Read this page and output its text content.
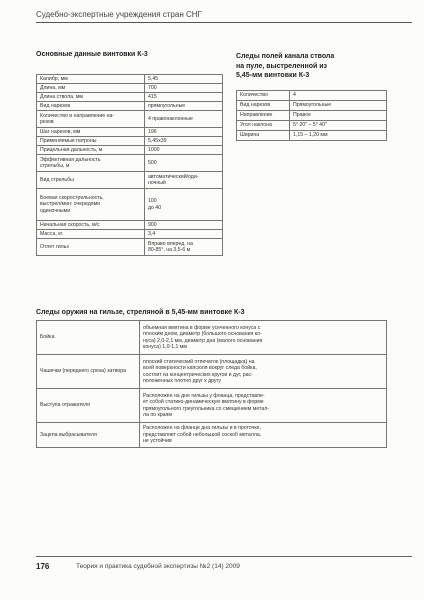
Судебно-экспертные учреждения стран СНГ
Основные данные винтовки К-3
Калибр, мм	5,45
Длина, мм	700
Длина ствола, мм	415
Вид нарезов	прямоугольные
Количество и направление на-
резов	4 правонаклонные
Шаг нарезов, мм	196
Применяемые патроны	5,45х39
Прицельная дальность, м	1000
Эффективная дальность
стрельбы, м	500
Вид стрельбы	автоматический/оди-
ночный
Боевая скорострельность,
выстрел/мин: очередями
одиночными	100
до 40
Начальная скорость, м/с	900
Масса, кг.	3,4
Отлет гильз	Вправо вперед, на
80-85°, на 3,5-6 м
Следы полей канала ствола
на пуле, выстреленной из
5,45-мм винтовки К-3
Количество	4
Вид нарезов	Прямоугольные
Направление	Правое
Угол наклона	5° 20" – 5° 40"
Ширина	1,15 – 1,20 мм
Следы оружия на гильзе, стреляной в 5,45-мм винтовке К-3
Бойка	объемная вмятина в форме усеченного конуса с
плоским дном, диаметр (большого основания ко-
нуса) 2,0-2,1 мм, диаметр дна (малого основания
конуса) 1,0-1,1 мм
Чашечки (переднего среза) затвора	плоский статический отпечаток (площадка) на
всей поверхности капсюля вокруг следа бойка,
состоит из концентрических кругов и дуг, рас-
положенных плотно друг к другу
Выступа отражателя	Расположен на дне гильзы у фланца, представле-
ет собой статико-динамическую вмятину в форме
прямоугольного треугольника со смещением метал-
ла по краям
Зацепа выбрасывателя	Расположен на фланце дна гильзы и в проточке,
представляет собой небольшой соскоб металла,
не устойчив
176	Теория и практика судебной экспертизы №2 (14) 2009
